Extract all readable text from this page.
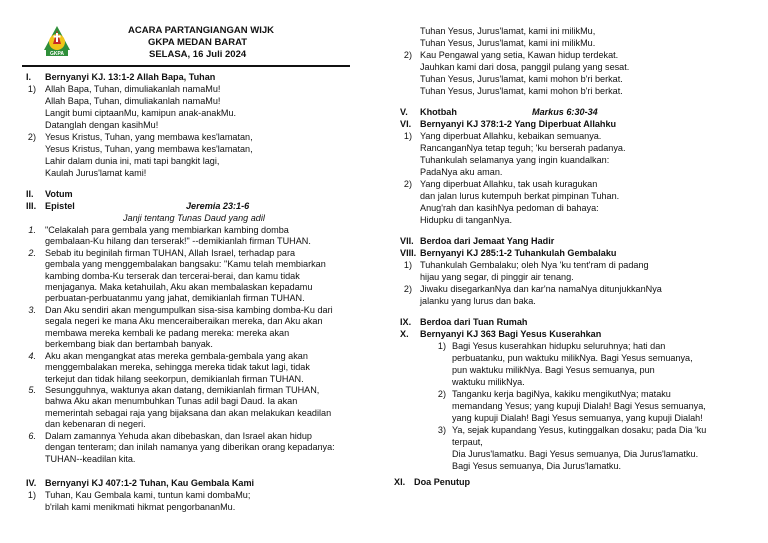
GKPA
ACARA PARTANGIANGAN WIJK
GKPA MEDAN BARAT
SELASA, 16 Juli 2024
I. Bernyanyi KJ. 13:1-2 Allah Bapa, Tuhan
1) Allah Bapa, Tuhan, dimuliakanlah namaMu!
Allah Bapa, Tuhan, dimuliakanlah namaMu!
Langit bumi ciptaanMu, kamipun anak-anakMu.
Datanglah dengan kasihMu!
2) Yesus Kristus, Tuhan, yang membawa kes'lamatan,
Yesus Kristus, Tuhan, yang membawa kes'lamatan,
Lahir dalam dunia ini, mati tapi bangkit lagi,
Kaulah Jurus'lamat kami!
II. Votum
III. Epistel	Jeremia 23:1-6
Janji tentang Tunas Daud yang adil
1. "Celakalah para gembala yang membiarkan kambing domba
gembalaan-Ku hilang dan terserak!" --demikianlah firman TUHAN.
2. Sebab itu beginilah firman TUHAN, Allah Israel, terhadap para
gembala yang menggembalakan bangsaku: "Kamu telah membiarkan
kambing domba-Ku terserak dan tercerai-berai, dan kamu tidak
menjaganya. Maka ketahuilah, Aku akan membalaskan kepadamu
perbuatan-perbuatanmu yang jahat, demikianlah firman TUHAN.
3. Dan Aku sendiri akan mengumpulkan sisa-sisa kambing domba-Ku dari
segala negeri ke mana Aku menceraiberaikan mereka, dan Aku akan
membawa mereka kembali ke padang mereka: mereka akan
berkembang biak dan bertambah banyak.
4. Aku akan mengangkat atas mereka gembala-gembala yang akan
menggembalakan mereka, sehingga mereka tidak takut lagi, tidak
terkejut dan tidak hilang seekorpun, demikianlah firman TUHAN.
5. Sesungguhnya, waktunya akan datang, demikianlah firman TUHAN,
bahwa Aku akan menumbuhkan Tunas adil bagi Daud. Ia akan
memerintah sebagai raja yang bijaksana dan akan melakukan keadilan
dan kebenaran di negeri.
6. Dalam zamannya Yehuda akan dibebaskan, dan Israel akan hidup
dengan tenteram; dan inilah namanya yang diberikan orang kepadanya:
TUHAN--keadilan kita.
IV. Bernyanyi KJ 407:1-2 Tuhan, Kau Gembala Kami
1) Tuhan, Kau Gembala kami, tuntun kami dombaMu;
b'rilah kami menikmati hikmat pengorbananMu.
Tuhan Yesus, Jurus'lamat, kami ini milikMu,
Tuhan Yesus, Jurus'lamat, kami ini milikMu.
2) Kau Pengawal yang setia, Kawan hidup terdekat.
Jauhkan kami dari dosa, panggil pulang yang sesat.
Tuhan Yesus, Jurus'lamat, kami mohon b'ri berkat.
Tuhan Yesus, Jurus'lamat, kami mohon b'ri berkat.
V. Khotbah	Markus 6:30-34
VI. Bernyanyi KJ 378:1-2 Yang Diperbuat Allahku
1) Yang diperbuat Allahku, kebaikan semuanya.
RancanganNya tetap teguh; 'ku berserah padanya.
Tuhankulah selamanya yang ingin kuandalkan:
PadaNya aku aman.
2) Yang diperbuat Allahku, tak usah kuragukan
dan jalan lurus kutempuh berkat pimpinan Tuhan.
Anug'rah dan kasihNya pedoman di bahaya:
Hidupku di tanganNya.
VII. Berdoa dari Jemaat Yang Hadir
VIII. Bernyanyi KJ 285:1-2 Tuhankulah Gembalaku
1) Tuhankulah Gembalaku; oleh Nya 'ku tent'ram di padang
hijau yang segar, di pinggir air tenang.
2) Jiwaku disegarkanNya dan kar'na namaNya ditunjukkanNya
jalanku yang lurus dan baka.
IX. Berdoa dari Tuan Rumah
X. Bernyanyi KJ 363 Bagi Yesus Kuserahkan
1) Bagi Yesus kuserahkan hidupku seluruhnya; hati dan
perbuatanku, pun waktuku milikNya. Bagi Yesus semuanya,
pun waktuku milikNya. Bagi Yesus semuanya, pun
waktuku milikNya.
2) Tanganku kerja bagiNya, kakiku mengikutNya; mataku
memandang Yesus; yang kupuji Dialah! Bagi Yesus semuanya,
yang kupuji Dialah! Bagi Yesus semuanya, yang kupuji Dialah!
3) Ya, sejak kupandang Yesus, kutinggalkan dosaku; pada Dia 'ku
terpaut,
Dia Jurus'lamatku. Bagi Yesus semuanya, Dia Jurus'lamatku.
Bagi Yesus semuanya, Dia Jurus'lamatku.
XI. Doa Penutup
